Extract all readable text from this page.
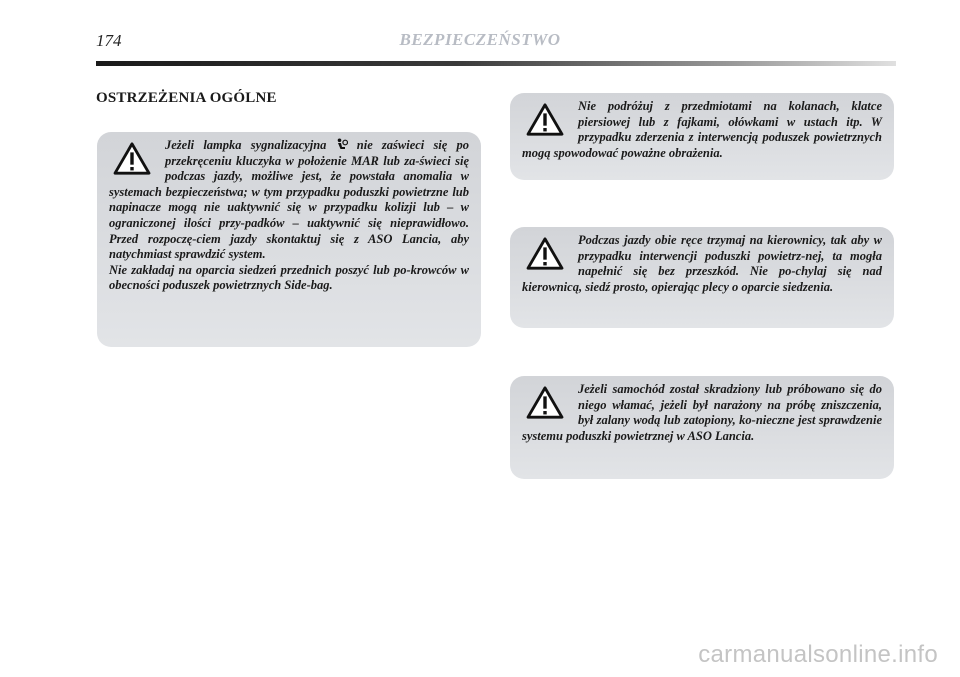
174	BEZPIECZEŃSTWO
OSTRZEŻENIA OGÓLNE

Jeżeli lampka sygnalizacyjna  nie zaświeci się po przekręceniu kluczyka w położenie MAR lub za-świeci się podczas jazdy, możliwe jest, że powstała anomalia w systemach bezpieczeństwa; w tym przypadku poduszki powietrzne lub napinacze mogą nie uaktywnić się w przypadku kolizji lub – w ograniczonej ilości przy-padków – uaktywnić się nieprawidłowo. Przed rozpoczę-ciem jazdy skontaktuj się z ASO Lancia, aby natychmiast sprawdzić system.

Nie zakładaj na oparcia siedzeń przednich poszyć lub po-krowców w obecności poduszek powietrznych Side-bag.

Nie podróżuj z przedmiotami na kolanach, klatce piersiowej lub z fajkami, ołówkami w ustach itp. W przypadku zderzenia z interwencją poduszek powietrznych mogą spowodować poważne obrażenia.

Podczas jazdy obie ręce trzymaj na kierownicy, tak aby w przypadku interwencji poduszki powietrz-nej, ta mogła napełnić się bez przeszkód. Nie po-chylaj się nad kierownicą, siedź prosto, opierając plecy o oparcie siedzenia.

Jeżeli samochód został skradziony lub próbowano się do niego włamać, jeżeli był narażony na próbę zniszczenia, był zalany wodą lub zatopiony, ko-nieczne jest sprawdzenie systemu poduszki powietrznej w ASO Lancia.

carmanualsonline.info
